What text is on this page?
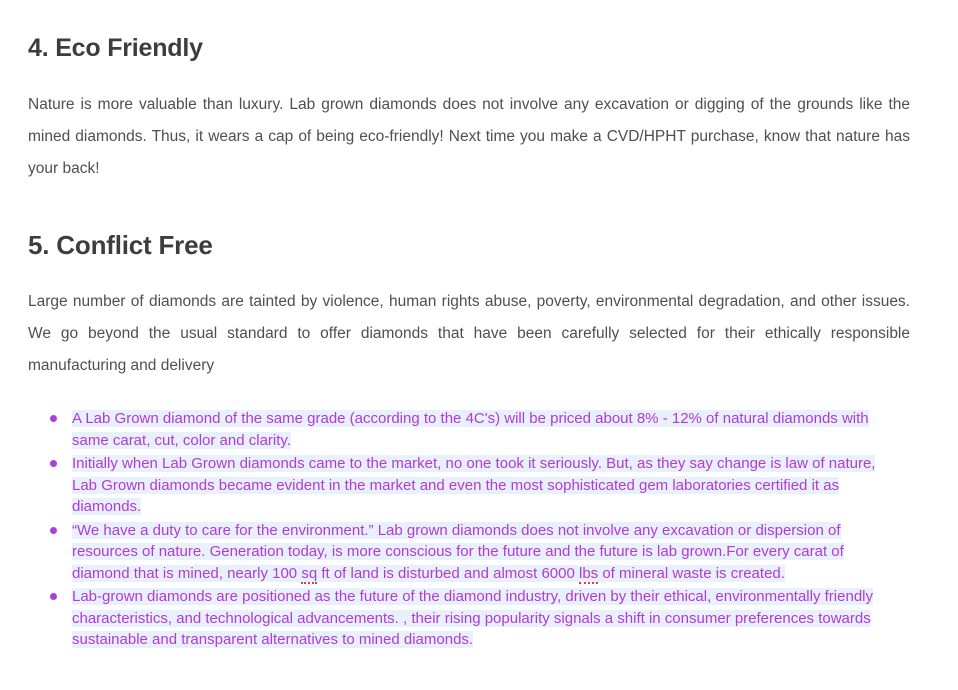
4. Eco Friendly

Nature is more valuable than luxury. Lab grown diamonds does not involve any excavation or digging of the grounds like the mined diamonds. Thus, it wears a cap of being eco-friendly! Next time you make a CVD/HPHT purchase, know that nature has your back!

5. Conflict Free

Large number of diamonds are tainted by violence, human rights abuse, poverty, environmental degradation, and other issues. We go beyond the usual standard to offer diamonds that have been carefully selected for their ethically responsible manufacturing and delivery

A Lab Grown diamond of the same grade (according to the 4C's) will be priced about 8% - 12% of natural diamonds with same carat, cut, color and clarity.
Initially when Lab Grown diamonds came to the market, no one took it seriously. But, as they say change is law of nature, Lab Grown diamonds became evident in the market and even the most sophisticated gem laboratories certified it as diamonds.
“We have a duty to care for the environment.” Lab grown diamonds does not involve any excavation or dispersion of resources of nature. Generation today, is more conscious for the future and the future is lab grown.For every carat of diamond that is mined, nearly 100 sq ft of land is disturbed and almost 6000 lbs of mineral waste is created.
Lab-grown diamonds are positioned as the future of the diamond industry, driven by their ethical, environmentally friendly characteristics, and technological advancements. , their rising popularity signals a shift in consumer preferences towards sustainable and transparent alternatives to mined diamonds.
